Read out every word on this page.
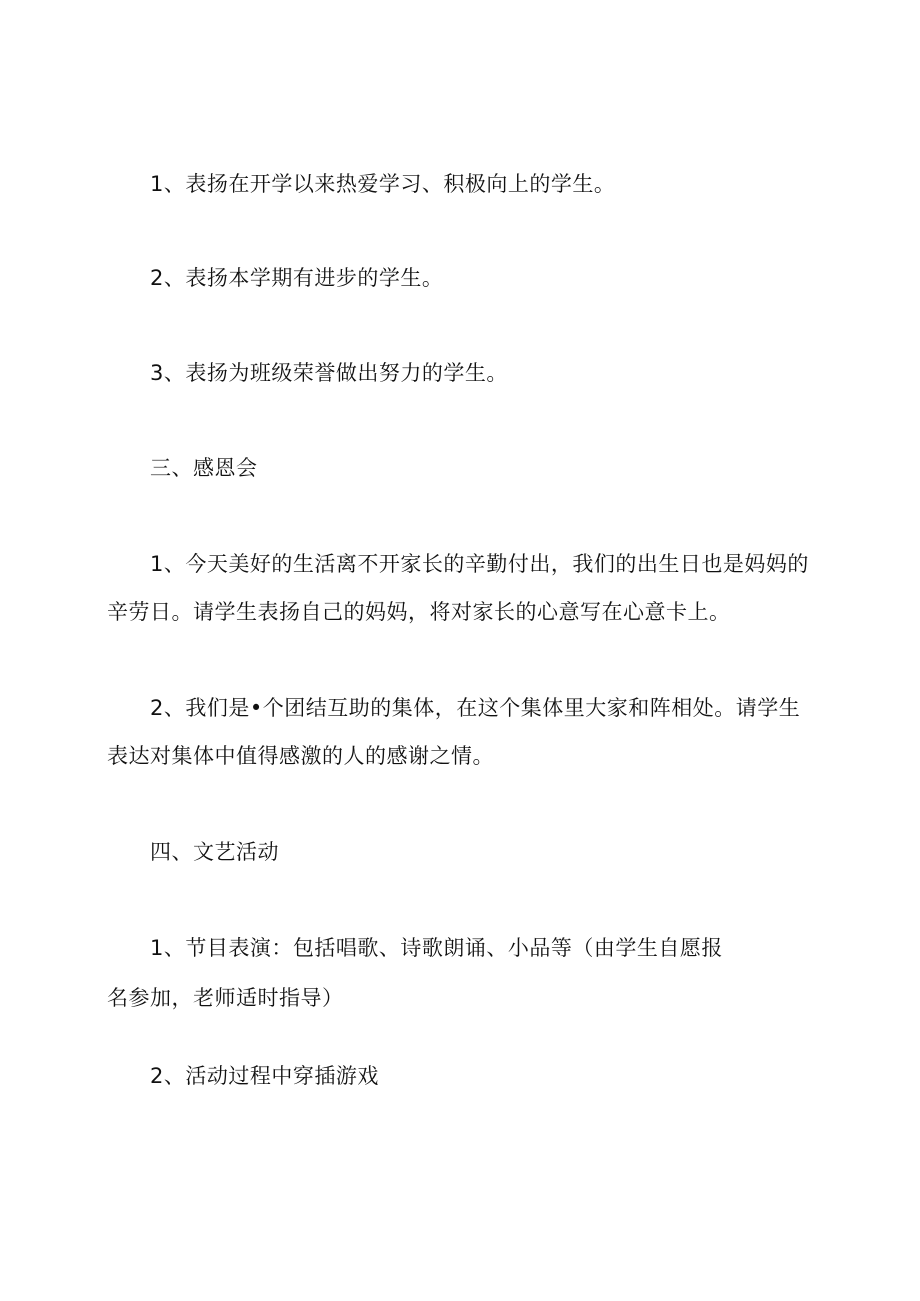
1、表扬在开学以来热爱学习、积极向上的学生。
2、表扬本学期有进步的学生。
3、表扬为班级荣誉做出努力的学生。
三、感恩会
1、今天美好的生活离不开家长的辛勤付出，我们的出生日也是妈妈的
辛劳日。请学生表扬自己的妈妈，将对家长的心意写在心意卡上。
2、我们是•个团结互助的集体，在这个集体里大家和阵相处。请学生
表达对集体中值得感激的人的感谢之情。
四、文艺活动
1、节目表演：包括唱歌、诗歌朗诵、小品等（由学生自愿报
名参加，老师适时指导）
2、活动过程中穿插游戏
